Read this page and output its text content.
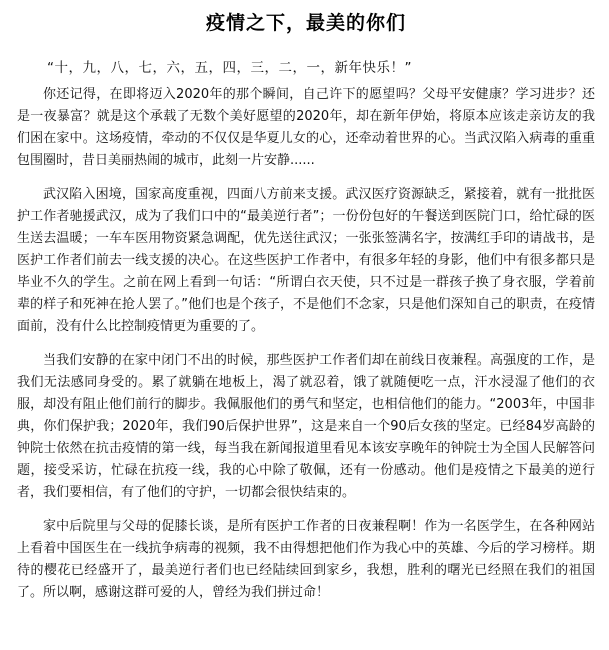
疫情之下，最美的你们

“十，九，八，七，六，五，四，三，二，一，新年快乐！”

你还记得，在即将迈入2020年的那个瞬间，自己许下的愿望吗？父母平安健康？学习进步？还是一夜暴富？就是这个承载了无数个美好愿望的2020年，却在新年伊始，将原本应该走亲访友的我们困在家中。这场疫情，牵动的不仅仅是华夏儿女的心，还牵动着世界的心。当武汉陷入病毒的重重包围圈时，昔日美丽热闹的城市，此刻一片安静......

武汉陷入困境，国家高度重视，四面八方前来支援。武汉医疗资源缺乏，紧接着，就有一批批医护工作者驰援武汉，成为了我们口中的“最美逆行者”；一份份包好的午餐送到医院门口，给忙碌的医生送去温暖；一车车医用物资紧急调配，优先送往武汉；一张张签满名字，按满红手印的请战书，是医护工作者们前去一线支援的决心。在这些医护工作者中，有很多年轻的身影，他们中有很多都只是毕业不久的学生。之前在网上看到一句话：“所谓白衣天使，只不过是一群孩子换了身衣服，学着前辈的样子和死神在抢人罢了。”他们也是个孩子，不是他们不念家，只是他们深知自己的职责，在疫情面前，没有什么比控制疫情更为重要的了。

当我们安静的在家中闭门不出的时候，那些医护工作者们却在前线日夜兼程。高强度的工作，是我们无法感同身受的。累了就躺在地板上，渴了就忍着，饿了就随便吃一点，汗水浸湿了他们的衣服，却没有阻止他们前行的脚步。我佩服他们的勇气和坚定，也相信他们的能力。“2003年，中国非典，你们保护我；2020年，我们90后保护世界”，这是来自一个90后女孩的坚定。已经84岁高龄的钟院士依然在抗击疫情的第一线，每当我在新闻报道里看见本该安享晚年的钟院士为全国人民解答问题，接受采访，忙碌在抗疫一线，我的心中除了敬佩，还有一份感动。他们是疫情之下最美的逆行者，我们要相信，有了他们的守护，一切都会很快结束的。

家中后院里与父母的促膝长谈，是所有医护工作者的日夜兼程啊！作为一名医学生，在各种网站上看着中国医生在一线抗争病毒的视频，我不由得想把他们作为我心中的英雄、今后的学习榜样。期待的樱花已经盛开了，最美逆行者们也已经陆续回到家乡，我想，胜利的曙光已经照在我们的祖国了。所以啊，感谢这群可爱的人，曾经为我们拼过命！
